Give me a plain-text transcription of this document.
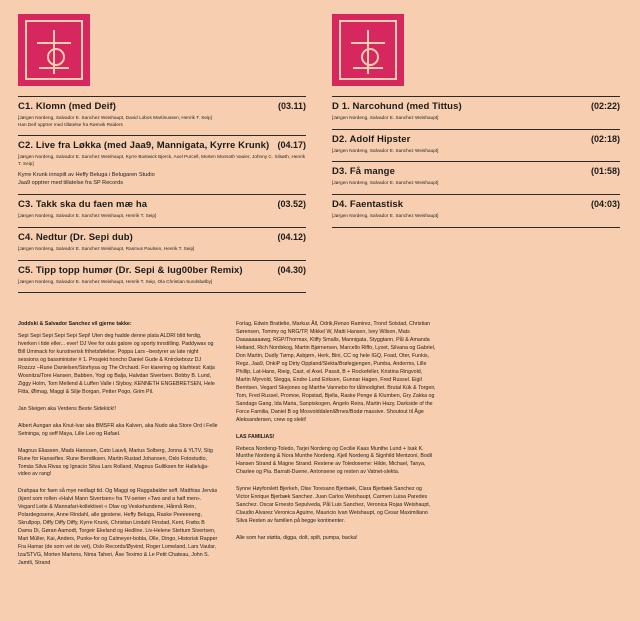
C1. Klomn (med Deif)	(03.11)
[Jørgen Nordeng, Salvador E. Sanchez Weishaupt, David Lobos Martinussen, Henrik T. Seip]
Han Deif opptrer med tillatelse fra Rømvik Raiders
C2. Live fra Løkka (med Jaa9, Mannigata, Kyrre Krunk) (04.17)
[Jørgen Nordeng, Salvador E. Sanchez Weishaupt, Kyrre Bostwick Bjerck, Axel Purcell, Morten Monsoth Vauler, Johnny C. Silsøth, Henrik T. Seip]
Kyrre Krunk innspilt av Heffy Beluga i Belugaren Studio
Jaa9 opptrer med tillatelse fra SP Records
C3. Takk ska du faen mæ ha	(03.52)
[Jørgen Nordeng, Salvador E. Sanchez Weishaupt, Henrik T. Seip]
C4. Nedtur (Dr. Sepi dub)	(04.12)
[Jørgen Nordeng, Salvador E. Sanchez Weishaupt, Rasmus Paulsen, Henrik T. Seip]
C5. Tipp topp humør (Dr. Sepi & lug00ber Remix)	(04.30)
[Jørgen Nordeng, Salvador E. Sanchez Weishaupt, Henrik T. Seip, Ola Christian Sundsbølby]
D 1. Narcohund (med Tittus)	(02:22)
[Jørgen Nordeng, Salvador E. Sanchez Weishaupt]
D2. Adolf Hipster	(02:18)
[Jørgen Nordeng, Salvador E. Sanchez Weishaupt]
D3. Få mange	(01:58)
[Jørgen Nordeng, Salvador E. Sanchez Weishaupt]
D4. Faentastisk	(04:03)
[Jørgen Nordeng, Salvador E. Sanchez Weishaupt]

Joddski & Salvador Sanchez vil gjerne takke:

Sepi Sepi Sepi Sepi Sepi Sepi! Uten deg hadde denne plata ALDRI blitt ferdig, hverken i tide eller... ever! DJ Vee for outs galore og sporty innstilling. Paddywax og Bill Ummack for kunstnerisk frihetsfølelse. Poppa Lars –bestyrer av late night sessions og bassminister # 1. Prosjekt honcho Daniel Gude & Knirckebozz DJ Rozzzz –Rune Danielsen/Storhysa og The Orchard. For klarering og klarhtest: Katja Wosnitza/Tore Hansen, Babben, Yogi og Balja, Halvdan Sivertsen. Bobby B. Lund, Ziggy Holm, Tom Mellend & Luffen Valle i Slyboy, KENNETH ENGEBRETSEN, Hele Fitta, Ølmag, Maggi & Silje Borgan, Petter Pogo, Grim Pil.

Jan Steigen aka Verdens Beste Sidekick!!

Albert Aungan aka Knut-Ivar aka BMSFR aka Kalven, aka Nudo aka Store Ord i Felle Setninga, og seff Maya, Lille Leo og Rafael.

Magnus Eliassen, Mads Hanssen, Cato Lauvli, Marius Solberg, Jonna & YLTV, Stig Rune for Hanseflex. Rune Bendiksen, Martin Rustad Johansen, Oslo Fotostudio, Tomás Silva Rivas og Ignacio Silva Lars Rolland, Magnus Gulliksen for Hallelujja-video av rang!

Drahpaa for faen så mye nedlagt tid. Og Maggi og Raggabalder seff. Matthias Jerväs (kjent som rollen «Halvt Mann Sivertsen» fra TV-serien «Two and a half men». Vegard Leite & Mannafari-kollektivet « Olav og Veskehundene, Hånnå Rein, Polardegosene, Anne Rindahl, alle gjestene, Heffy Beluga, Raske Peeeeeeng, Skrullpop, Diffy Diffy Diffy, Kyrre Krunk, Christian Lindahl Finstad, Kent, Frøbs B Dama Di, Gøran Aamodt, Torgeir Ekeland og Hedline. Liv-Helene Stettum Sivertsen, Mari Müller, Kai, Anders, Punke-for og Calmeyer-bobla, Olle, Dingo, Historisk Rapper Fra Hamar (de som vet de vet), Oslo Records/Øyvind, Roger Lomeland, Lars Vaular, Iza/STVG, Morten Martens, Nima Taheri, Åse Teximo & Le Petit Chateau, John S. Jamtli, Strand

Forlag, Edwin Brattelie, Markus Åll, Odrik,Renzo Ramirez, Trond Solstad, Christian Sørensen, Tommy og NRG/TP, Mikkel W, Matti Hansen, Ivey Wilson, Mats Daaaaaaaawg, RGP/Thormax, Kliffy Smalls, Mannigata, Styggtann, Pål & Amanda Hetland, Rich Nordskog, Martin Bjørnersen, Marcello Riffo, Lyset, Silvana og Gabriel, Don Martin, Dudly Tømp, Asbjørn, Herk, Bini, CC og hele IGQ, Foad, Oter, Funkis, Regz, Jaa9, OnkiP og Dirty Oppland/Slekta/Brølegjengen, Pumba, Anderms, Lille Phillip, Lat-Hans, Rieig, Cast, el Axel. Passit, B + Rockefeller, Kristina Ringvold, Martin Myrvold, Slegga, Endre Lund Eriksen, Gunnar Hagen, Fred Russel. Eigil Berntsen, Vegard Skejones og Marthe Vannebo for tålmodighet. Brutal Kük & Torgeir, Tom, Fred Russel, Promoe, Ropstad, Bjella, Raske Penge & Klumben, Gry Zakka og Sandags Gang, Ida Maria, Sanpiskogen, Angelo Reira, Martin Hazy, Darkside of the Force Familia, Daniel B og Mosvolddalen/Ørnes/Bodø massive. Shoutout til Åge Aleksandersen, crew og slekt!

LAS FAMILIAS!

Rebeca Nordeng-Toledo, Tarjei Nordeng og Cecilie Kaas Munthe Lund + Isak K. Munthe Nordeng & Nora Munthe Nordeng. Kjell Nordeng & Signhild Mentzoni, Bodil Hansen Strand & Magne Strand. Restene av Toledoseme: Hilde, Michael, Tanya, Charlee og Pia. Barratt-Duene, Antonsene og resten av Vatnet-slekta.

Synne Høyforslett Bjerkeh, Olav Toresann Bjerbæk, Clara Bjerbæk Sanchez og Victor Enrique Bjerbæk Sanchez. Juan Carlos Weishaupt, Carmen Luisa Paredes Sanchez. Oscar Ernesto Sepulveda, Pål Luis Sanchez, Veronica Rojas Weishaupt, Claudio Alvarez Veronica Aguirre, Mauricio Ivan Weishaupt, og Cesar Maximiliano Silva Resten av familien på begge kontinenter.

Alle som har støtta, digga, dolt, spilt, pumpa, backa!
